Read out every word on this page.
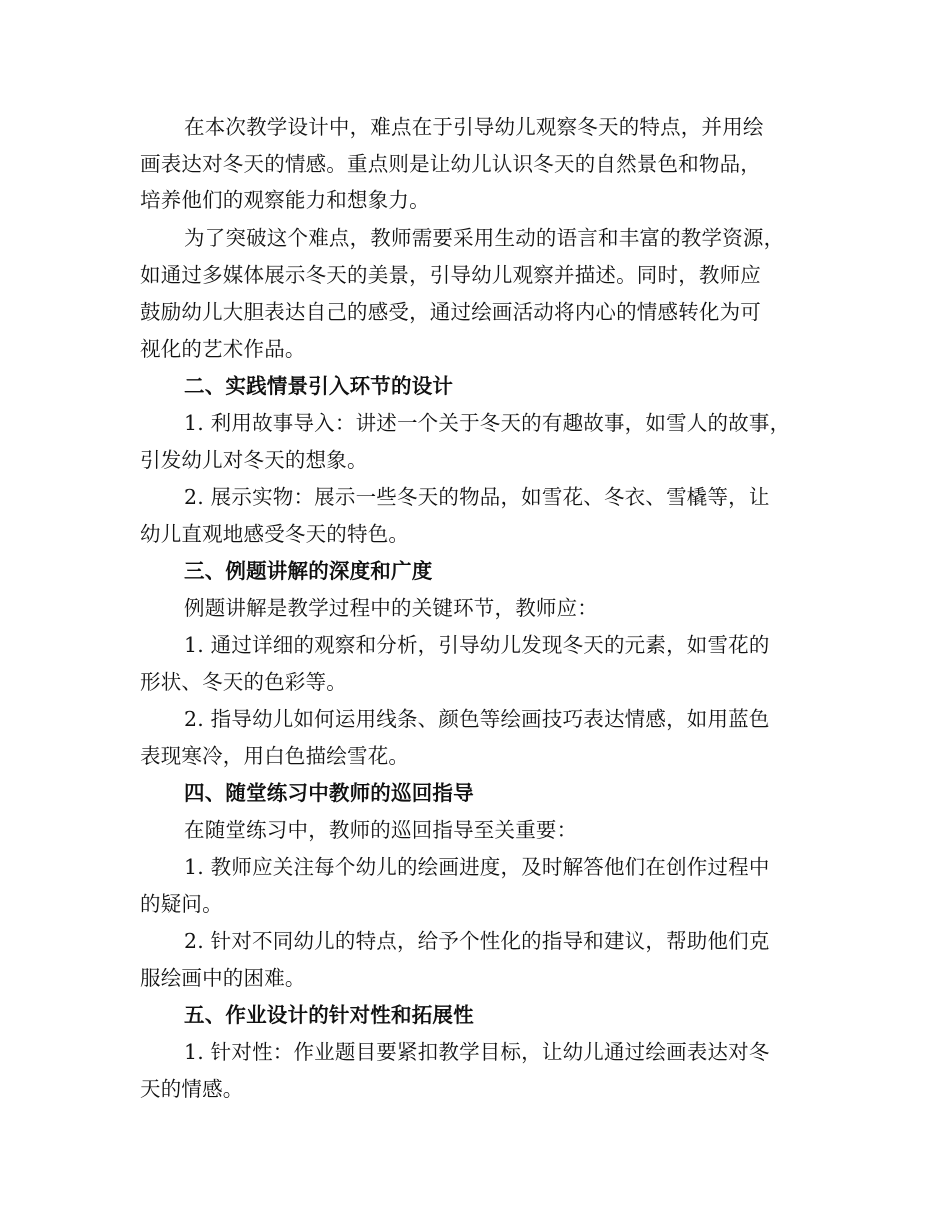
在本次教学设计中，难点在于引导幼儿观察冬天的特点，并用绘
画表达对冬天的情感。重点则是让幼儿认识冬天的自然景色和物品，
培养他们的观察能力和想象力。
为了突破这个难点，教师需要采用生动的语言和丰富的教学资源，
如通过多媒体展示冬天的美景，引导幼儿观察并描述。同时，教师应
鼓励幼儿大胆表达自己的感受，通过绘画活动将内心的情感转化为可
视化的艺术作品。
二、实践情景引入环节的设计
1. 利用故事导入：讲述一个关于冬天的有趣故事，如雪人的故事，
引发幼儿对冬天的想象。
2. 展示实物：展示一些冬天的物品，如雪花、冬衣、雪橇等，让
幼儿直观地感受冬天的特色。
三、例题讲解的深度和广度
例题讲解是教学过程中的关键环节，教师应：
1. 通过详细的观察和分析，引导幼儿发现冬天的元素，如雪花的
形状、冬天的色彩等。
2. 指导幼儿如何运用线条、颜色等绘画技巧表达情感，如用蓝色
表现寒冷，用白色描绘雪花。
四、随堂练习中教师的巡回指导
在随堂练习中，教师的巡回指导至关重要：
1. 教师应关注每个幼儿的绘画进度，及时解答他们在创作过程中
的疑问。
2. 针对不同幼儿的特点，给予个性化的指导和建议，帮助他们克
服绘画中的困难。
五、作业设计的针对性和拓展性
1. 针对性：作业题目要紧扣教学目标，让幼儿通过绘画表达对冬
天的情感。
